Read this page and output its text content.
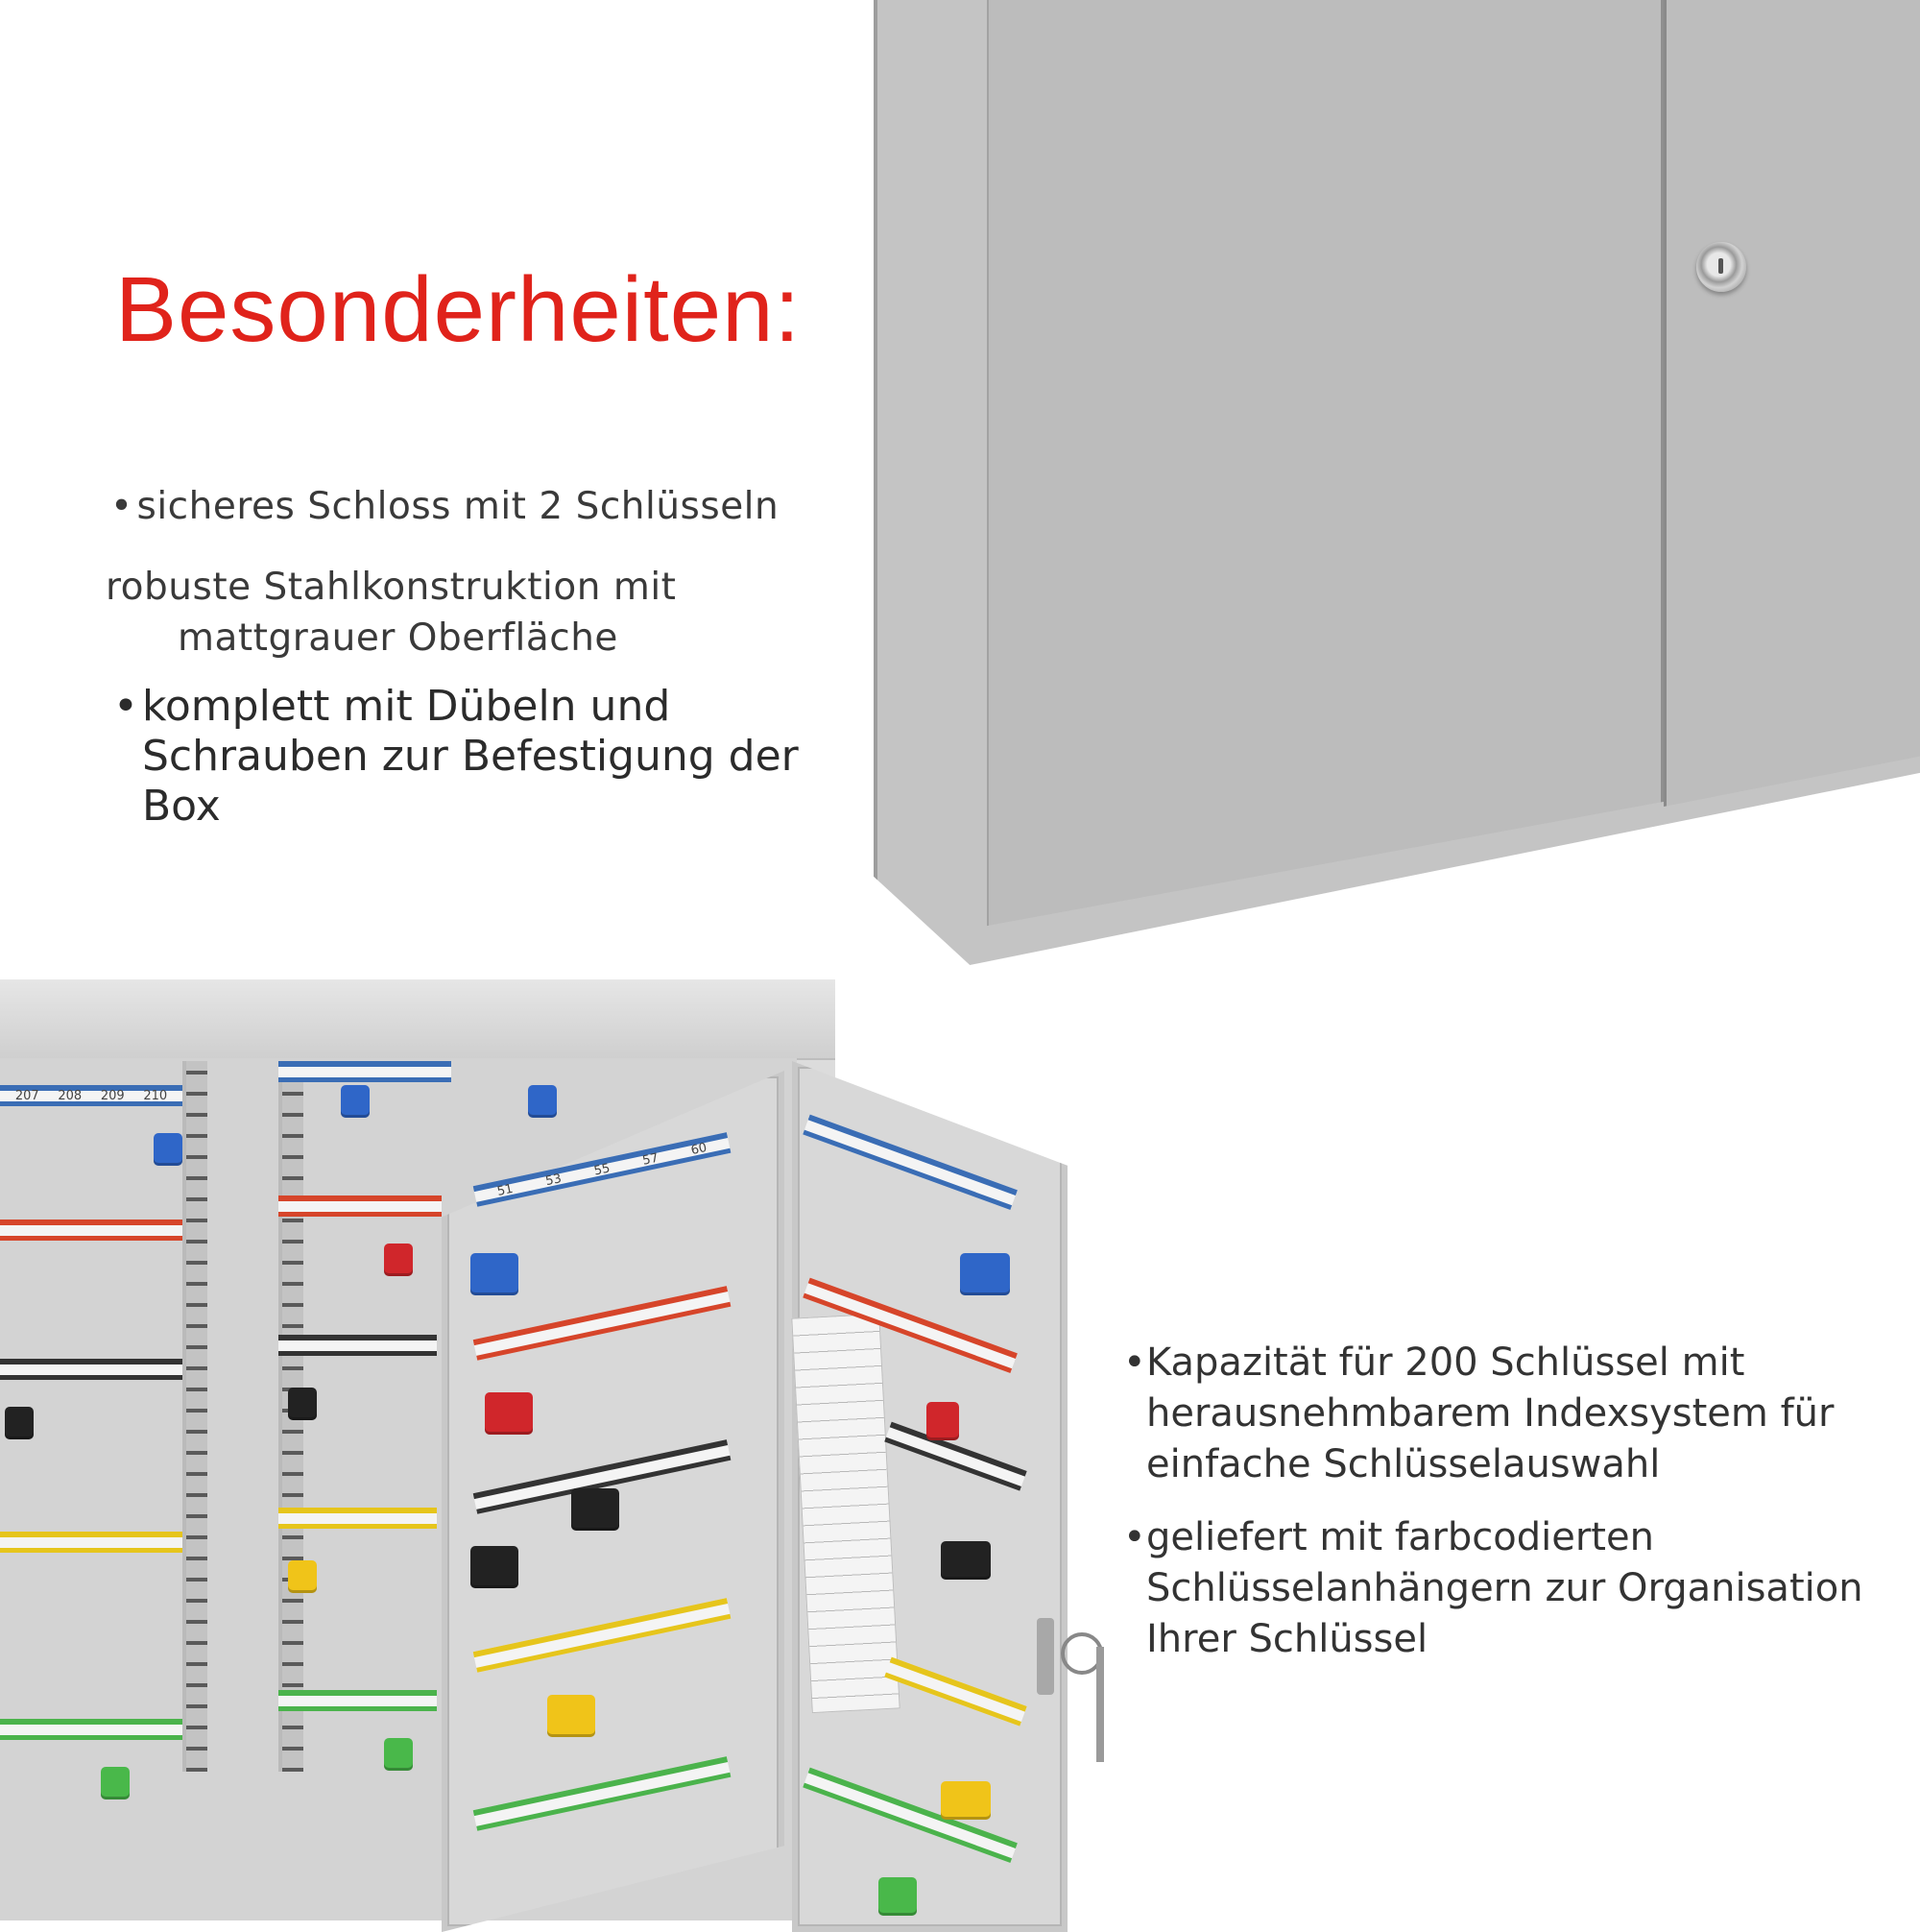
Besonderheiten:

• sicheres Schloss mit 2 Schlüsseln

robuste Stahlkonstruktion mit
mattgrauer Oberfläche

•komplett mit Dübeln und Schrauben zur Befestigung der Box

207 208 209 210
51
53
55
57
60
• Kapazität für 200 Schlüssel mit herausnehmbarem Indexsystem für einfache Schlüsselauswahl
• geliefert mit farbcodierten Schlüsselanhängern zur Organisation Ihrer Schlüssel
